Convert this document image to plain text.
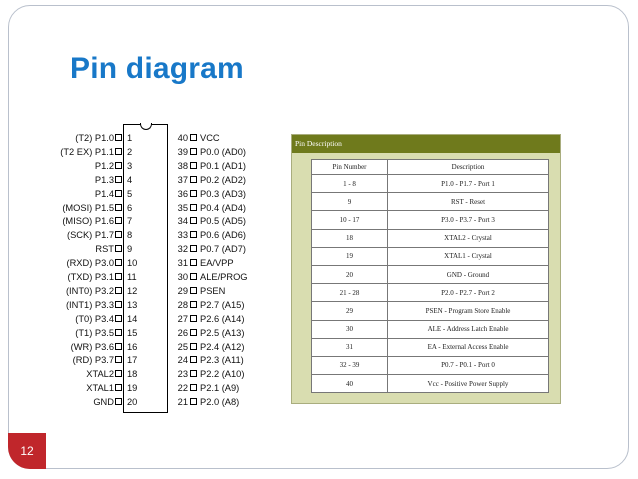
Pin diagram
12
(T2) P1.0 1
(T2 EX) P1.1 2
P1.2 3
P1.3 4
P1.4 5
(MOSI) P1.5 6
(MISO) P1.6 7
(SCK) P1.7 8
RST 9
(RXD) P3.0 10
(TXD) P3.1 11
(INT0) P3.2 12
(INT1) P3.3 13
(T0) P3.4 14
(T1) P3.5 15
(WR) P3.6 16
(RD) P3.7 17
XTAL2 18
XTAL1 19
GND 20
40 VCC
39 P0.0 (AD0)
38 P0.1 (AD1)
37 P0.2 (AD2)
36 P0.3 (AD3)
35 P0.4 (AD4)
34 P0.5 (AD5)
33 P0.6 (AD6)
32 P0.7 (AD7)
31 EA/VPP
30 ALE/PROG
29 PSEN
28 P2.7 (A15)
27 P2.6 (A14)
26 P2.5 (A13)
25 P2.4 (A12)
24 P2.3 (A11)
23 P2.2 (A10)
22 P2.1 (A9)
21 P2.0 (A8)
Pin Description
Pin Number	Description
1 - 8	P1.0 - P1.7 - Port 1
9	RST - Reset
10 - 17	P3.0 - P3.7 - Port 3
18	XTAL2 - Crystal
19	XTAL1 - Crystal
20	GND - Ground
21 - 28	P2.0 - P2.7 - Port 2
29	PSEN - Program Store Enable
30	ALE - Address Latch Enable
31	EA - External Access Enable
32 - 39	P0.7 - P0.1 - Port 0
40	Vcc - Positive Power Supply
